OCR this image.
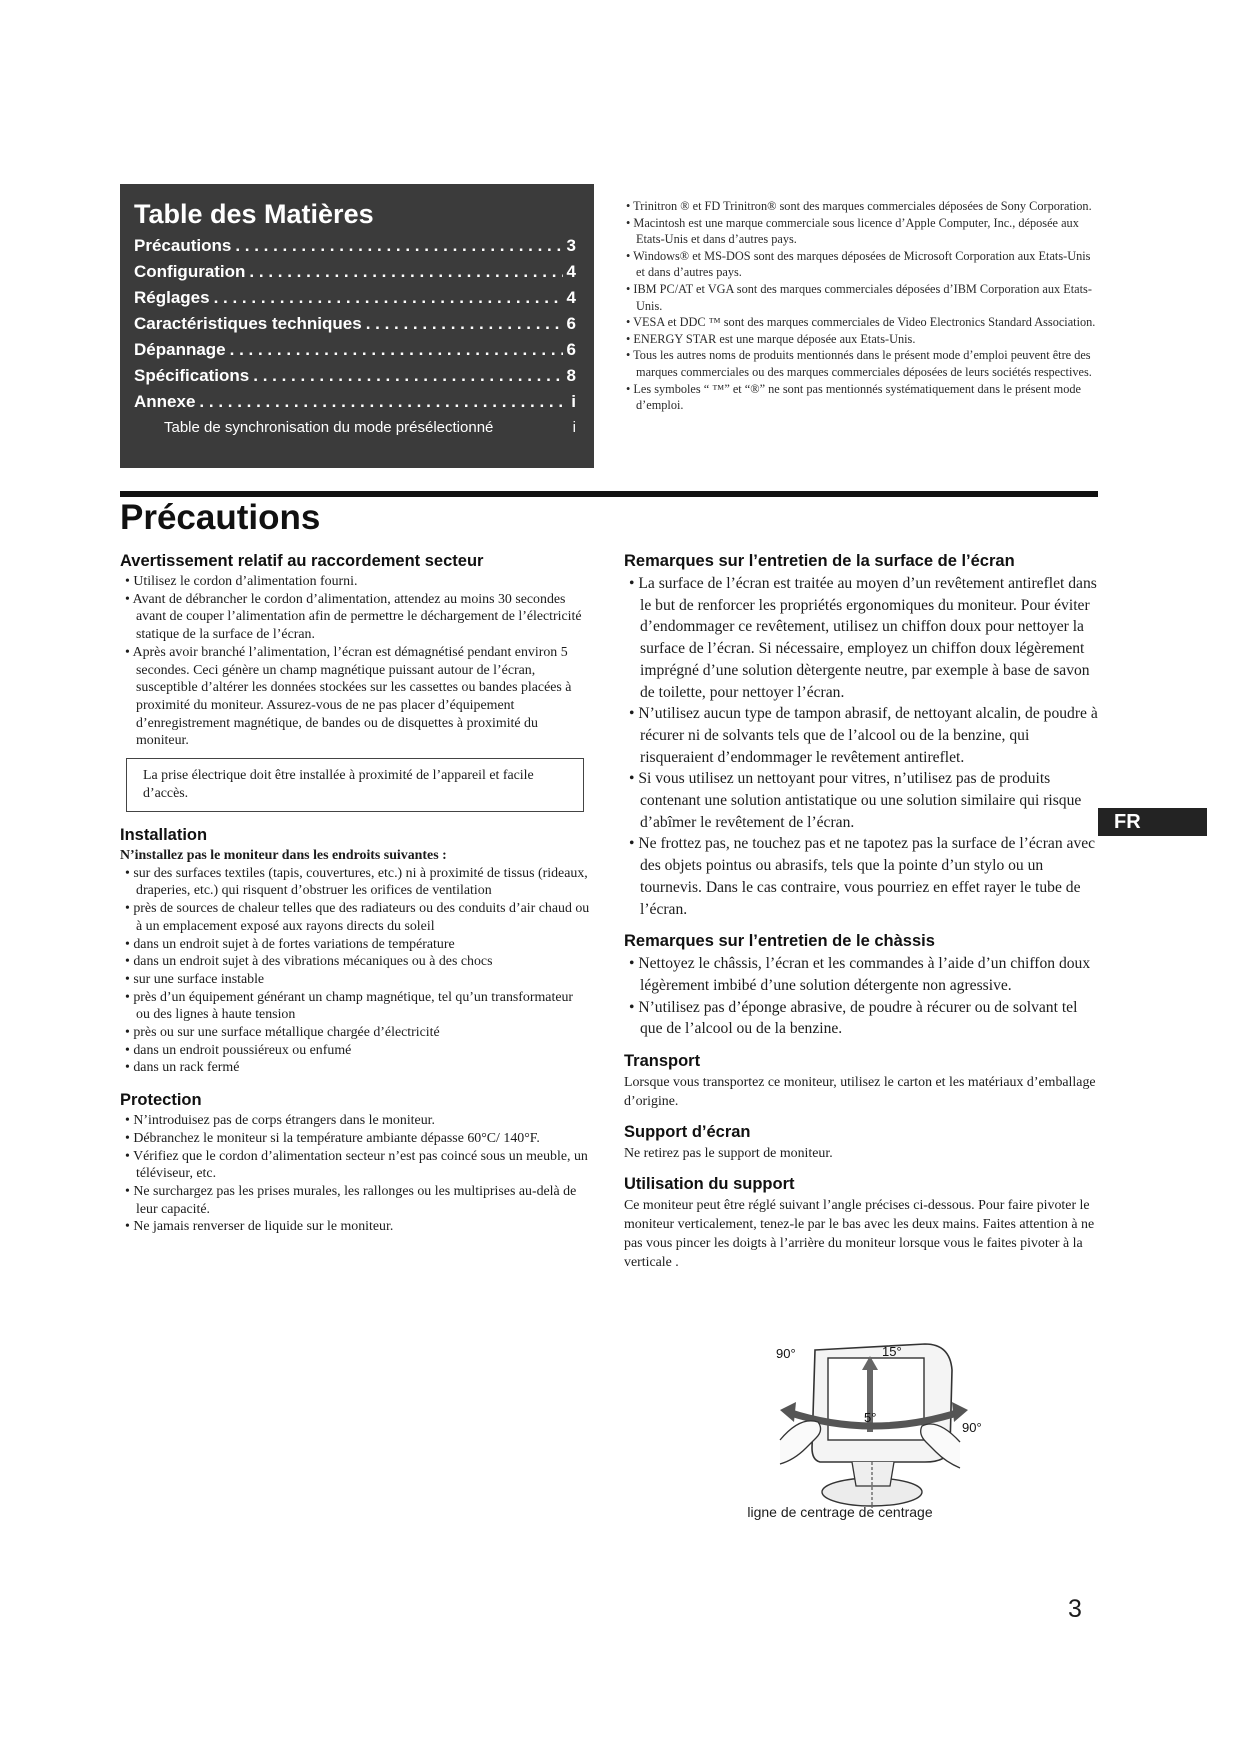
Table des Matières
Précautions . . .	3
Configuration . . .	4
Réglages . . .	4
Caractéristiques techniques . . .	6
Dépannage . . .	6
Spécifications . . .	8
Annexe . . .	i
Table de synchronisation du mode présélectionné	i

• Trinitron ® et FD Trinitron® sont des marques commerciales déposées de Sony Corporation.

• Macintosh est une marque commerciale sous licence d’Apple Computer, Inc., déposée aux Etats-Unis et dans d’autres pays.

• Windows® et MS-DOS sont des marques déposées de Microsoft Corporation aux Etats-Unis et dans d’autres pays.

• IBM PC/AT et VGA sont des marques commerciales déposées d’IBM Corporation aux Etats-Unis.

• VESA et DDC ™ sont des marques commerciales de Video Electronics Standard Association.

• ENERGY STAR est une marque déposée aux Etats-Unis.

• Tous les autres noms de produits mentionnés dans le présent mode d’emploi peuvent être des marques commerciales ou des marques commerciales déposées de leurs sociétés respectives.

• Les symboles “ ™” et “®” ne sont pas mentionnés systématiquement dans le présent mode d’emploi.

Précautions
Avertissement relatif au raccordement secteur

• Utilisez le cordon d’alimentation fourni.

• Avant de débrancher le cordon d’alimentation, attendez au moins 30 secondes avant de couper l’alimentation afin de permettre le déchargement de l’électricité statique de la surface de l’écran.

• Après avoir branché l’alimentation, l’écran est démagnétisé pendant environ 5 secondes. Ceci génère un champ magnétique puissant autour de l’écran, susceptible d’altérer les données stockées sur les cassettes ou bandes placées à proximité du moniteur. Assurez-vous de ne pas placer d’équipement d’enregistrement magnétique, de bandes ou de disquettes à proximité du moniteur.

La prise électrique doit être installée à proximité de l’appareil et facile d’accès.
Installation

N’installez pas le moniteur dans les endroits suivantes :

• sur des surfaces textiles (tapis, couvertures, etc.) ni à proximité de tissus (rideaux, draperies, etc.) qui risquent d’obstruer les orifices de ventilation

• près de sources de chaleur telles que des radiateurs ou des conduits d’air chaud ou à un emplacement exposé aux rayons directs du soleil

• dans un endroit sujet à de fortes variations de température

• dans un endroit sujet à des vibrations mécaniques ou à des chocs

• sur une surface instable

• près d’un équipement générant un champ magnétique, tel qu’un transformateur ou des lignes à haute tension

• près ou sur une surface métallique chargée d’électricité

• dans un endroit poussiéreux ou enfumé

• dans un rack fermé

Protection

• N’introduisez pas de corps étrangers dans le moniteur.

• Débranchez le moniteur si la température ambiante dépasse 60°C/ 140°F.

• Vérifiez que le cordon d’alimentation secteur n’est pas coincé sous un meuble, un téléviseur, etc.

• Ne surchargez pas les prises murales, les rallonges ou les multiprises au-delà de leur capacité.

• Ne jamais renverser de liquide sur le moniteur.

Remarques sur l’entretien de la surface de l’écran

• La surface de l’écran est traitée au moyen d’un revêtement antireflet dans le but de renforcer les propriétés ergonomiques du moniteur. Pour éviter d’endommager ce revêtement, utilisez un chiffon doux pour nettoyer la surface de l’écran. Si nécessaire, employez un chiffon doux légèrement imprégné d’une solution dètergente neutre, par exemple à base de savon de toilette, pour nettoyer l’écran.

• N’utilisez aucun type de tampon abrasif, de nettoyant alcalin, de poudre à récurer ni de solvants tels que de l’alcool ou de la benzine, qui risqueraient d’endommager le revêtement antireflet.

• Si vous utilisez un nettoyant pour vitres, n’utilisez pas de produits contenant une solution antistatique ou une solution similaire qui risque d’abîmer le revêtement de l’écran.

• Ne frottez pas, ne touchez pas et ne tapotez pas la surface de l’écran avec des objets pointus ou abrasifs, tels que la pointe d’un stylo ou un tournevis. Dans le cas contraire, vous pourriez en effet rayer le tube de l’écran.

Remarques sur l’entretien de le chàssis

• Nettoyez le châssis, l’écran et les commandes à l’aide d’un chiffon doux légèrement imbibé d’une solution détergente non agressive.

• N’utilisez pas d’éponge abrasive, de poudre à récurer ou de solvant tel que de l’alcool ou de la benzine.

Transport

Lorsque vous transportez ce moniteur, utilisez le carton et les matériaux d’emballage d’origine.

Support d’écran

Ne retirez pas le support de moniteur.

Utilisation du support

Ce moniteur peut être réglé suivant l’angle précises ci-dessous. Pour faire pivoter le moniteur verticalement, tenez-le par le bas avec les deux mains. Faites attention à ne pas vous pincer les doigts à l’arrière du moniteur lorsque vous le faites pivoter à la verticale .

FR
90°	15°
5°
90°
ligne de centrage de centrage
3
